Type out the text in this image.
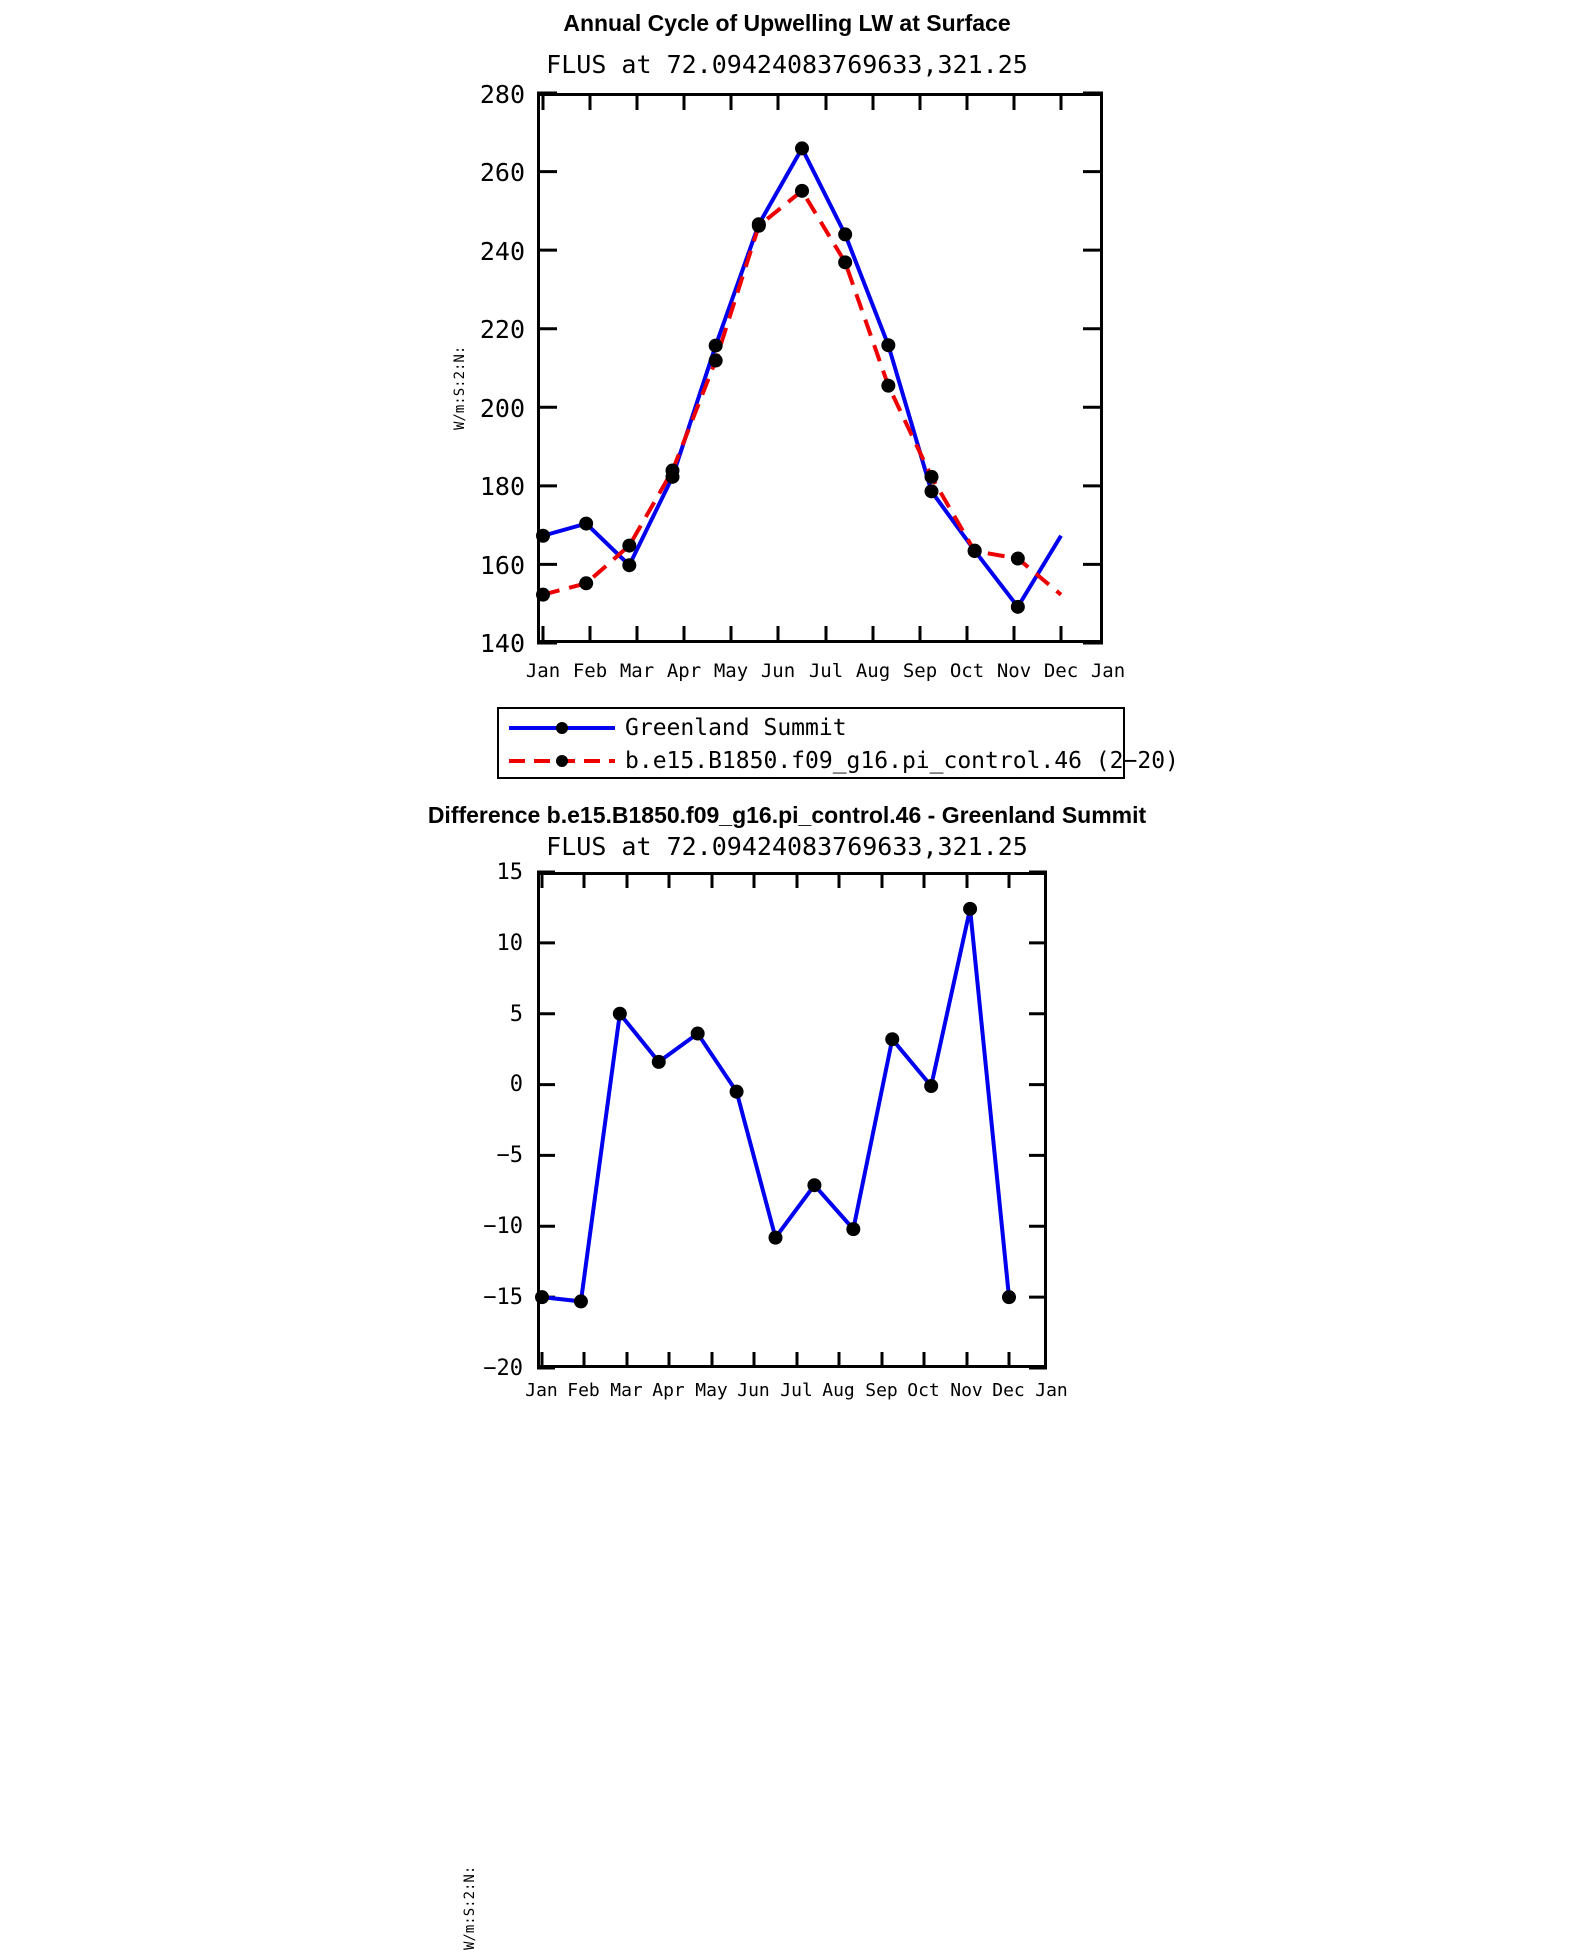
Annual Cycle of Upwelling LW at Surface
FLUS at 72.09424083769633,321.25
W/m:S:2:N:
280
260
240
220
200
180
160
140
Jan Feb Mar Apr May Jun Jul Aug Sep Oct Nov Dec Jan
Greenland Summit
b.e15.B1850.f09_g16.pi_control.46 (2−20)
Difference b.e15.B1850.f09_g16.pi_control.46 - Greenland Summit
FLUS at 72.09424083769633,321.25
W/m:S:2:N:
15
10
5
0
−5
−10
−15
−20
Jan Feb Mar Apr May Jun Jul Aug Sep Oct Nov Dec Jan
